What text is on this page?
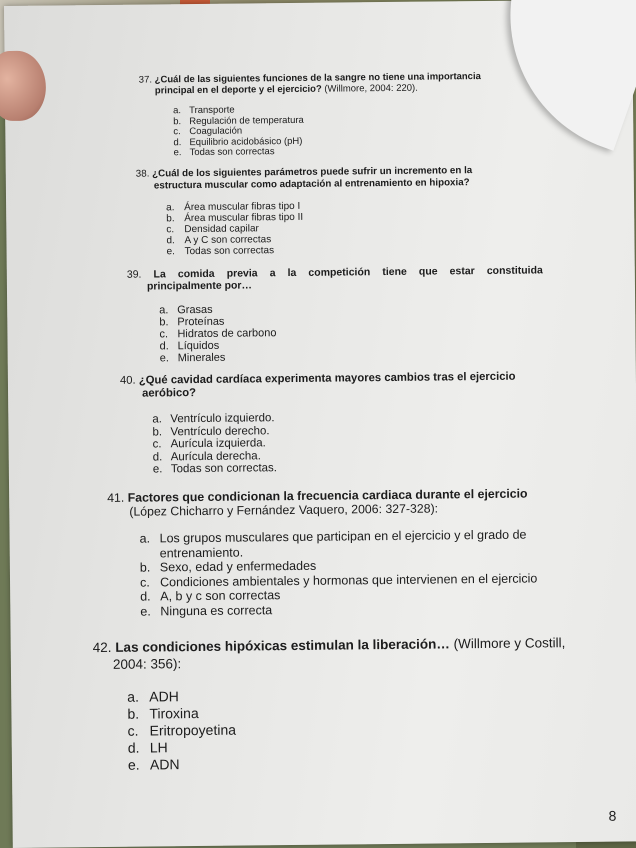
37. ¿Cuál de las siguientes funciones de la sangre no tiene una importancia
principal en el deporte y el ejercicio? (Willmore, 2004: 220).
a. Transporte
b. Regulación de temperatura
c. Coagulación
d. Equilibrio acidobásico (pH)
e. Todas son correctas
38. ¿Cuál de los siguientes parámetros puede sufrir un incremento en la
estructura muscular como adaptación al entrenamiento en hipoxia?
a. Área muscular fibras tipo I
b. Área muscular fibras tipo II
c.	Densidad capilar
d. A y C son correctas
e. Todas son correctas
39. La comida previa a la competición tiene que estar constituida
principalmente por…
a. Grasas
b. Proteínas
c. Hidratos de carbono
d. Líquidos
e. Minerales
40. ¿Qué cavidad cardíaca experimenta mayores cambios tras el ejercicio
aeróbico?
a. Ventrículo izquierdo.
b. Ventrículo derecho.
c. Aurícula izquierda.
d. Aurícula derecha.
e. Todas son correctas.
41. Factores que condicionan la frecuencia cardiaca durante el ejercicio
(López Chicharro y Fernández Vaquero, 2006: 327-328):
a. Los grupos musculares que participan en el ejercicio y el grado de
entrenamiento.
b. Sexo, edad y enfermedades
c. Condiciones ambientales y hormonas que intervienen en el ejercicio
d. A, b y c son correctas
e. Ninguna es correcta
42. Las condiciones hipóxicas estimulan la liberación… (Willmore y Costill,
2004: 356):
a. ADH
b. Tiroxina
c. Eritropoyetina
d. LH
e. ADN
8
